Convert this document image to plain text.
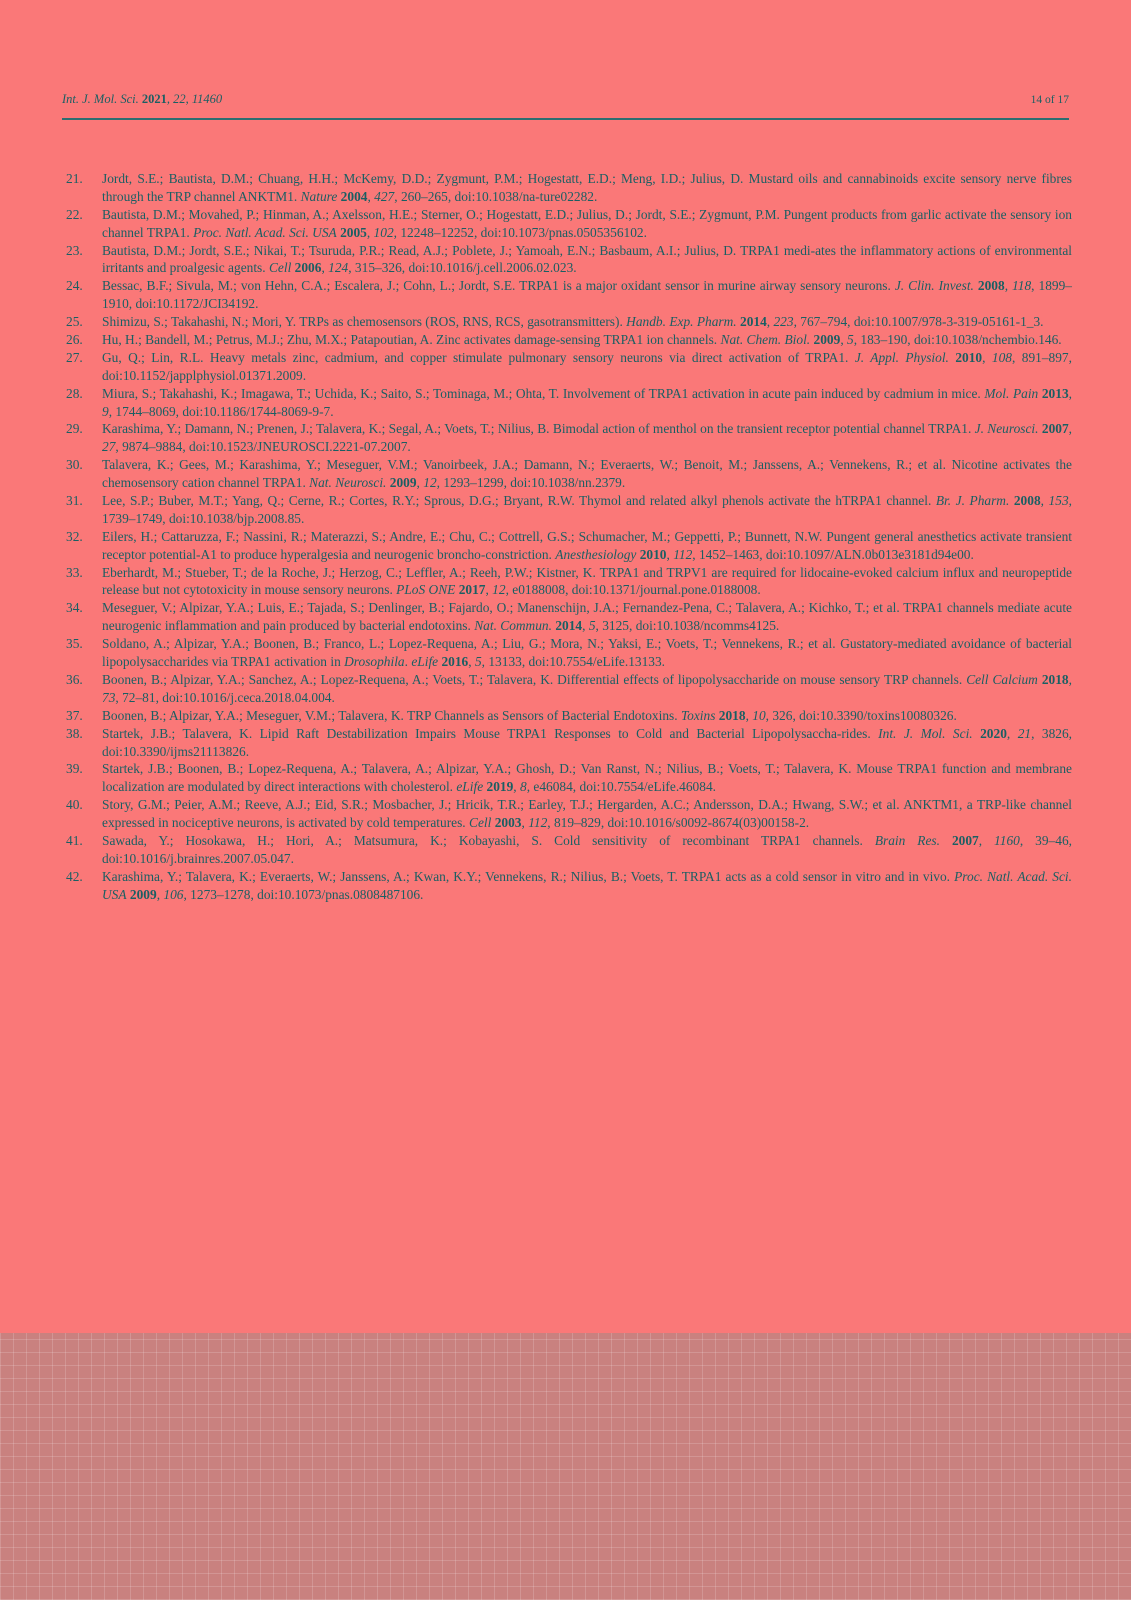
Int. J. Mol. Sci. 2021, 22, 11460	14 of 17
21.	Jordt, S.E.; Bautista, D.M.; Chuang, H.H.; McKemy, D.D.; Zygmunt, P.M.; Hogestatt, E.D.; Meng, I.D.; Julius, D. Mustard oils and cannabinoids excite sensory nerve fibres through the TRP channel ANKTM1. Nature 2004, 427, 260–265, doi:10.1038/na-ture02282.
22.	Bautista, D.M.; Movahed, P.; Hinman, A.; Axelsson, H.E.; Sterner, O.; Hogestatt, E.D.; Julius, D.; Jordt, S.E.; Zygmunt, P.M. Pungent products from garlic activate the sensory ion channel TRPA1. Proc. Natl. Acad. Sci. USA 2005, 102, 12248–12252, doi:10.1073/pnas.0505356102.
23.	Bautista, D.M.; Jordt, S.E.; Nikai, T.; Tsuruda, P.R.; Read, A.J.; Poblete, J.; Yamoah, E.N.; Basbaum, A.I.; Julius, D. TRPA1 medi-ates the inflammatory actions of environmental irritants and proalgesic agents. Cell 2006, 124, 315–326, doi:10.1016/j.cell.2006.02.023.
24.	Bessac, B.F.; Sivula, M.; von Hehn, C.A.; Escalera, J.; Cohn, L.; Jordt, S.E. TRPA1 is a major oxidant sensor in murine airway sensory neurons. J. Clin. Invest. 2008, 118, 1899–1910, doi:10.1172/JCI34192.
25.	Shimizu, S.; Takahashi, N.; Mori, Y. TRPs as chemosensors (ROS, RNS, RCS, gasotransmitters). Handb. Exp. Pharm. 2014, 223, 767–794, doi:10.1007/978-3-319-05161-1_3.
26.	Hu, H.; Bandell, M.; Petrus, M.J.; Zhu, M.X.; Patapoutian, A. Zinc activates damage-sensing TRPA1 ion channels. Nat. Chem. Biol. 2009, 5, 183–190, doi:10.1038/nchembio.146.
27.	Gu, Q.; Lin, R.L. Heavy metals zinc, cadmium, and copper stimulate pulmonary sensory neurons via direct activation of TRPA1. J. Appl. Physiol. 2010, 108, 891–897, doi:10.1152/japplphysiol.01371.2009.
28.	Miura, S.; Takahashi, K.; Imagawa, T.; Uchida, K.; Saito, S.; Tominaga, M.; Ohta, T. Involvement of TRPA1 activation in acute pain induced by cadmium in mice. Mol. Pain 2013, 9, 1744–8069, doi:10.1186/1744-8069-9-7.
29.	Karashima, Y.; Damann, N.; Prenen, J.; Talavera, K.; Segal, A.; Voets, T.; Nilius, B. Bimodal action of menthol on the transient receptor potential channel TRPA1. J. Neurosci. 2007, 27, 9874–9884, doi:10.1523/JNEUROSCI.2221-07.2007.
30.	Talavera, K.; Gees, M.; Karashima, Y.; Meseguer, V.M.; Vanoirbeek, J.A.; Damann, N.; Everaerts, W.; Benoit, M.; Janssens, A.; Vennekens, R.; et al. Nicotine activates the chemosensory cation channel TRPA1. Nat. Neurosci. 2009, 12, 1293–1299, doi:10.1038/nn.2379.
31.	Lee, S.P.; Buber, M.T.; Yang, Q.; Cerne, R.; Cortes, R.Y.; Sprous, D.G.; Bryant, R.W. Thymol and related alkyl phenols activate the hTRPA1 channel. Br. J. Pharm. 2008, 153, 1739–1749, doi:10.1038/bjp.2008.85.
32.	Eilers, H.; Cattaruzza, F.; Nassini, R.; Materazzi, S.; Andre, E.; Chu, C.; Cottrell, G.S.; Schumacher, M.; Geppetti, P.; Bunnett, N.W. Pungent general anesthetics activate transient receptor potential-A1 to produce hyperalgesia and neurogenic broncho-constriction. Anesthesiology 2010, 112, 1452–1463, doi:10.1097/ALN.0b013e3181d94e00.
33.	Eberhardt, M.; Stueber, T.; de la Roche, J.; Herzog, C.; Leffler, A.; Reeh, P.W.; Kistner, K. TRPA1 and TRPV1 are required for lidocaine-evoked calcium influx and neuropeptide release but not cytotoxicity in mouse sensory neurons. PLoS ONE 2017, 12, e0188008, doi:10.1371/journal.pone.0188008.
34.	Meseguer, V.; Alpizar, Y.A.; Luis, E.; Tajada, S.; Denlinger, B.; Fajardo, O.; Manenschijn, J.A.; Fernandez-Pena, C.; Talavera, A.; Kichko, T.; et al. TRPA1 channels mediate acute neurogenic inflammation and pain produced by bacterial endotoxins. Nat. Commun. 2014, 5, 3125, doi:10.1038/ncomms4125.
35.	Soldano, A.; Alpizar, Y.A.; Boonen, B.; Franco, L.; Lopez-Requena, A.; Liu, G.; Mora, N.; Yaksi, E.; Voets, T.; Vennekens, R.; et al. Gustatory-mediated avoidance of bacterial lipopolysaccharides via TRPA1 activation in Drosophila. eLife 2016, 5, 13133, doi:10.7554/eLife.13133.
36.	Boonen, B.; Alpizar, Y.A.; Sanchez, A.; Lopez-Requena, A.; Voets, T.; Talavera, K. Differential effects of lipopolysaccharide on mouse sensory TRP channels. Cell Calcium 2018, 73, 72–81, doi:10.1016/j.ceca.2018.04.004.
37.	Boonen, B.; Alpizar, Y.A.; Meseguer, V.M.; Talavera, K. TRP Channels as Sensors of Bacterial Endotoxins. Toxins 2018, 10, 326, doi:10.3390/toxins10080326.
38.	Startek, J.B.; Talavera, K. Lipid Raft Destabilization Impairs Mouse TRPA1 Responses to Cold and Bacterial Lipopolysaccha-rides. Int. J. Mol. Sci. 2020, 21, 3826, doi:10.3390/ijms21113826.
39.	Startek, J.B.; Boonen, B.; Lopez-Requena, A.; Talavera, A.; Alpizar, Y.A.; Ghosh, D.; Van Ranst, N.; Nilius, B.; Voets, T.; Talavera, K. Mouse TRPA1 function and membrane localization are modulated by direct interactions with cholesterol. eLife 2019, 8, e46084, doi:10.7554/eLife.46084.
40.	Story, G.M.; Peier, A.M.; Reeve, A.J.; Eid, S.R.; Mosbacher, J.; Hricik, T.R.; Earley, T.J.; Hergarden, A.C.; Andersson, D.A.; Hwang, S.W.; et al. ANKTM1, a TRP-like channel expressed in nociceptive neurons, is activated by cold temperatures. Cell 2003, 112, 819–829, doi:10.1016/s0092-8674(03)00158-2.
41.	Sawada, Y.; Hosokawa, H.; Hori, A.; Matsumura, K.; Kobayashi, S. Cold sensitivity of recombinant TRPA1 channels. Brain Res. 2007, 1160, 39–46, doi:10.1016/j.brainres.2007.05.047.
42.	Karashima, Y.; Talavera, K.; Everaerts, W.; Janssens, A.; Kwan, K.Y.; Vennekens, R.; Nilius, B.; Voets, T. TRPA1 acts as a cold sensor in vitro and in vivo. Proc. Natl. Acad. Sci. USA 2009, 106, 1273–1278, doi:10.1073/pnas.0808487106.
